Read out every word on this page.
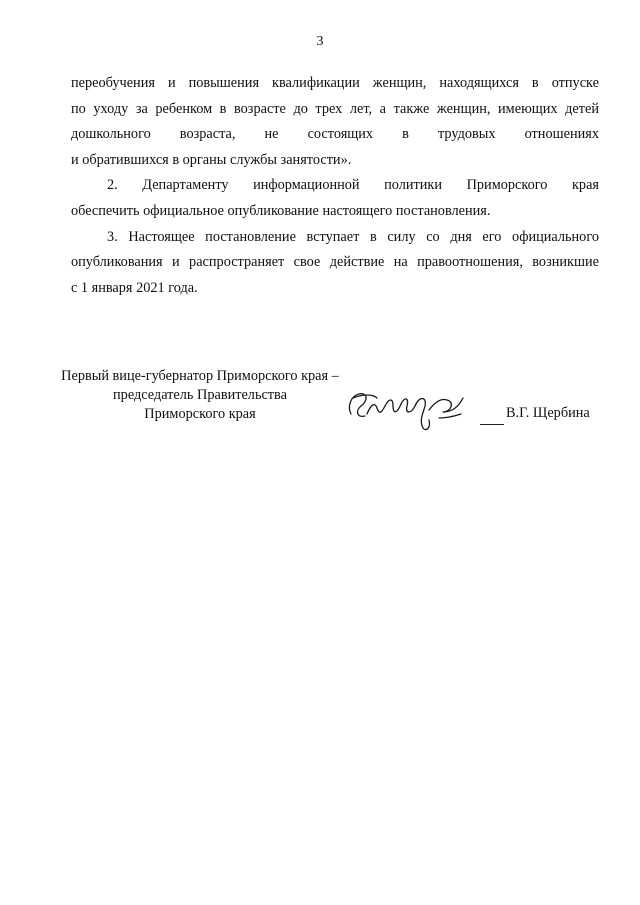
3

переобучения и повышения квалификации женщин, находящихся в отпуске
по уходу за ребенком в возрасте до трех лет, а также женщин, имеющих детей
дошкольного возраста, не состоящих в трудовых отношениях
и обратившихся в органы службы занятости».

2. Департаменту информационной политики Приморского края
обеспечить официальное опубликование настоящего постановления.

3. Настоящее постановление вступает в силу со дня его официального
опубликования и распространяет свое действие на правоотношения, возникшие
с 1 января 2021 года.

Первый вице-губернатор Приморского края –
председатель Правительства
Приморского края	В.Г. Щербина
